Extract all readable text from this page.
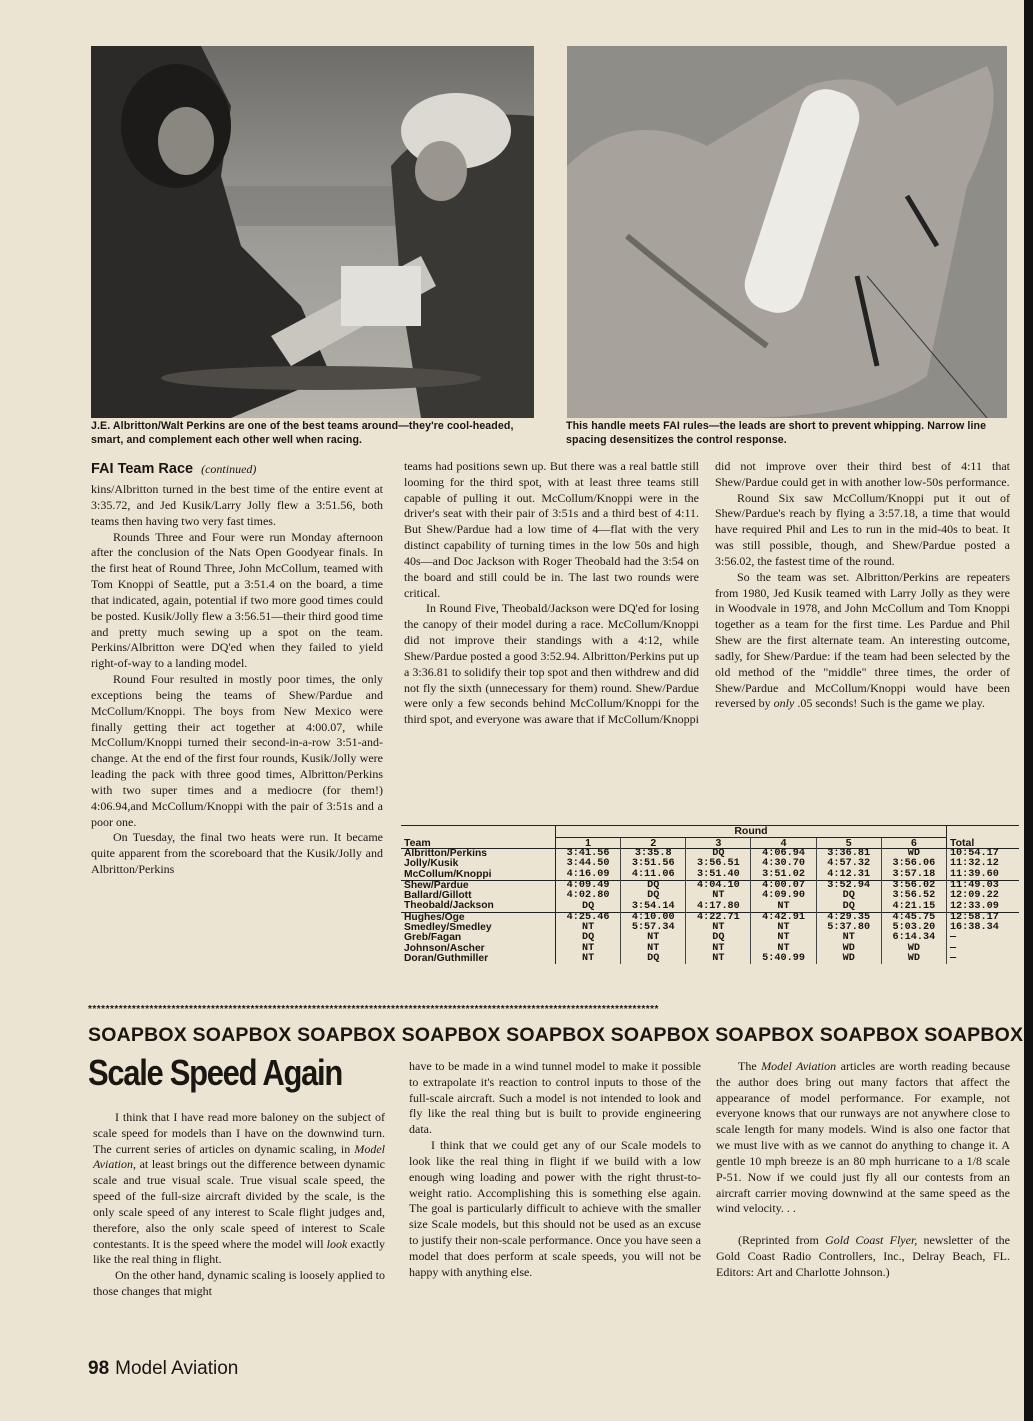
J.E. Albritton/Walt Perkins are one of the best teams around—they're cool-headed, smart, and complement each other well when racing.
This handle meets FAI rules—the leads are short to prevent whipping. Narrow line spacing desensitizes the control response.
FAI Team Race (continued)

kins/Albritton turned in the best time of the entire event at 3:35.72, and Jed Kusik/Larry Jolly flew a 3:51.56, both teams then having two very fast times.

Rounds Three and Four were run Monday afternoon after the conclusion of the Nats Open Goodyear finals. In the first heat of Round Three, John McCollum, teamed with Tom Knoppi of Seattle, put a 3:51.4 on the board, a time that indicated, again, potential if two more good times could be posted. Kusik/Jolly flew a 3:56.51—their third good time and pretty much sewing up a spot on the team. Perkins/Albritton were DQ'ed when they failed to yield right-of-way to a landing model.

Round Four resulted in mostly poor times, the only exceptions being the teams of Shew/Pardue and McCollum/Knoppi. The boys from New Mexico were finally getting their act together at 4:00.07, while McCollum/Knoppi turned their second-in-a-row 3:51-and-change. At the end of the first four rounds, Kusik/Jolly were leading the pack with three good times, Albritton/Perkins with two super times and a mediocre (for them!) 4:06.94,and McCollum/Knoppi with the pair of 3:51s and a poor one.

On Tuesday, the final two heats were run. It became quite apparent from the scoreboard that the Kusik/Jolly and Albritton/Perkins

teams had positions sewn up. But there was a real battle still looming for the third spot, with at least three teams still capable of pulling it out. McCollum/Knoppi were in the driver's seat with their pair of 3:51s and a third best of 4:11. But Shew/Pardue had a low time of 4—flat with the very distinct capability of turning times in the low 50s and high 40s—and Doc Jackson with Roger Theobald had the 3:54 on the board and still could be in. The last two rounds were critical.

In Round Five, Theobald/Jackson were DQ'ed for losing the canopy of their model during a race. McCollum/Knoppi did not improve their standings with a 4:12, while Shew/Pardue posted a good 3:52.94. Albritton/Perkins put up a 3:36.81 to solidify their top spot and then withdrew and did not fly the sixth (unnecessary for them) round. Shew/Pardue were only a few seconds behind McCollum/Knoppi for the third spot, and everyone was aware that if McCollum/Knoppi

did not improve over their third best of 4:11 that Shew/Pardue could get in with another low-50s performance.

Round Six saw McCollum/Knoppi put it out of Shew/Pardue's reach by flying a 3:57.18, a time that would have required Phil and Les to run in the mid-40s to beat. It was still possible, though, and Shew/Pardue posted a 3:56.02, the fastest time of the round.

So the team was set. Albritton/Perkins are repeaters from 1980, Jed Kusik teamed with Larry Jolly as they were in Woodvale in 1978, and John McCollum and Tom Knoppi together as a team for the first time. Les Pardue and Phil Shew are the first alternate team. An interesting outcome, sadly, for Shew/Pardue: if the team had been selected by the old method of the "middle" three times, the order of Shew/Pardue and McCollum/Knoppi would have been reversed by only .05 seconds! Such is the game we play.

Team	Round						Total
	1	2	3	4	5	6	
Albritton/Perkins	3:41.56	3:35.8	DQ	4:06.94	3:36.81	WD	10:54.17
Jolly/Kusik	3:44.50	3:51.56	3:56.51	4:30.70	4:57.32	3:56.06	11:32.12
McCollum/Knoppi	4:16.09	4:11.06	3:51.40	3:51.02	4:12.31	3:57.18	11:39.60
Shew/Pardue	4:09.49	DQ	4:04.10	4:00.07	3:52.94	3:56.02	11:49.03
Ballard/Gillott	4:02.80	DQ	NT	4:09.90	DQ	3:56.52	12:09.22
Theobald/Jackson	DQ	3:54.14	4:17.80	NT	DQ	4:21.15	12:33.09
Hughes/Oge	4:25.46	4:10.00	4:22.71	4:42.91	4:29.35	4:45.75	12:58.17
Smedley/Smedley	NT	5:57.34	NT	NT	5:37.80	5:03.20	16:38.34
Greb/Fagan	DQ	NT	DQ	NT	NT	6:14.34	—
Johnson/Ascher	NT	NT	NT	NT	WD	WD	—
Doran/Guthmiller	NT	DQ	NT	5:40.99	WD	WD	—
**********************************************************************************************************************************
SOAPBOX SOAPBOX SOAPBOX SOAPBOX SOAPBOX SOAPBOX SOAPBOX SOAPBOX SOAPBOX
Scale Speed Again

I think that I have read more baloney on the subject of scale speed for models than I have on the downwind turn. The current series of articles on dynamic scaling, in Model Aviation, at least brings out the difference between dynamic scale and true visual scale. True visual scale speed, the speed of the full-size aircraft divided by the scale, is the only scale speed of any interest to Scale flight judges and, therefore, also the only scale speed of interest to Scale contestants. It is the speed where the model will look exactly like the real thing in flight.

On the other hand, dynamic scaling is loosely applied to those changes that might

have to be made in a wind tunnel model to make it possible to extrapolate it's reaction to control inputs to those of the full-scale aircraft. Such a model is not intended to look and fly like the real thing but is built to provide engineering data.

I think that we could get any of our Scale models to look like the real thing in flight if we build with a low enough wing loading and power with the right thrust-to-weight ratio. Accomplishing this is something else again. The goal is particularly difficult to achieve with the smaller size Scale models, but this should not be used as an excuse to justify their non-scale performance. Once you have seen a model that does perform at scale speeds, you will not be happy with anything else.

The Model Aviation articles are worth reading because the author does bring out many factors that affect the appearance of model performance. For example, not everyone knows that our runways are not anywhere close to scale length for many models. Wind is also one factor that we must live with as we cannot do anything to change it. A gentle 10 mph breeze is an 80 mph hurricane to a 1/8 scale P-51. Now if we could just fly all our contests from an aircraft carrier moving downwind at the same speed as the wind velocity. . .

(Reprinted from Gold Coast Flyer, newsletter of the Gold Coast Radio Controllers, Inc., Delray Beach, FL. Editors: Art and Charlotte Johnson.)

98 Model Aviation
